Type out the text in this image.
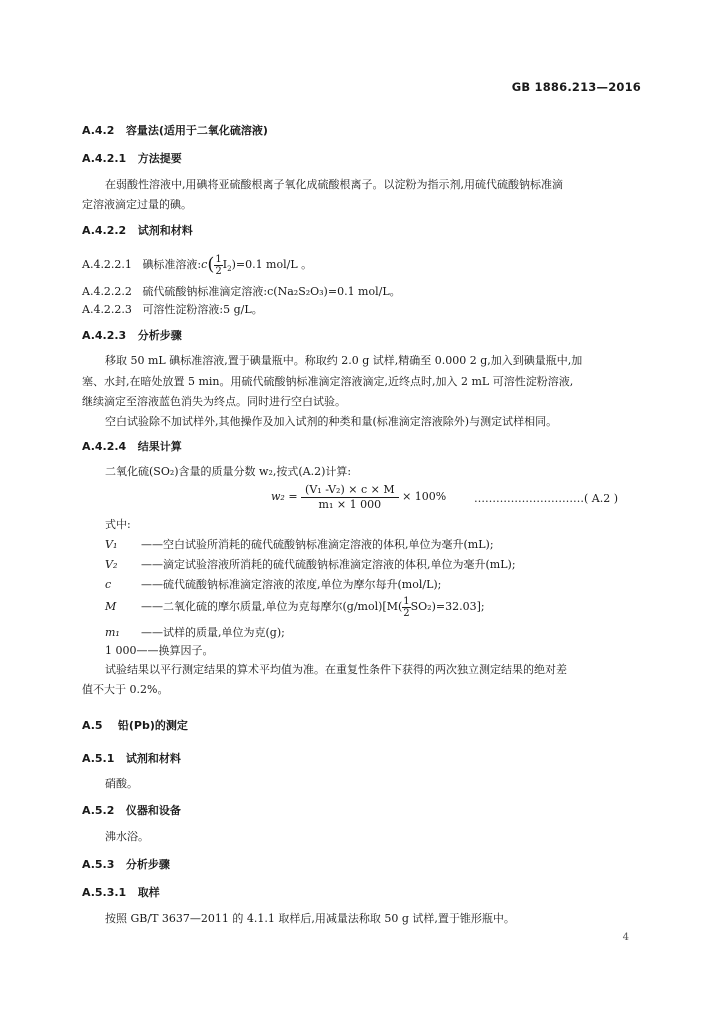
GB 1886.213—2016
A.4.2 容量法(适用于二氧化硫溶液)
A.4.2.1 方法提要
在弱酸性溶液中,用碘将亚硫酸根离子氧化成硫酸根离子。以淀粉为指示剂,用硫代硫酸钠标准滴
定溶液滴定过量的碘。
A.4.2.2 试剂和材料
A.4.2.2.1 碘标准溶液:c( $\frac{1}{2} I_2)=0.1$ mol/L 。
A.4.2.2.2 硫代硫酸钠标准滴定溶液:c(Na₂S₂O₃)=0.1 mol/L。
A.4.2.2.3 可溶性淀粉溶液:5 g/L。
A.4.2.3 分析步骤
移取 50 mL 碘标准溶液,置于碘量瓶中。称取约 2.0 g 试样,精确至 0.000 2 g,加入到碘量瓶中,加
塞、水封,在暗处放置 5 min。用硫代硫酸钠标准滴定溶液滴定,近终点时,加入 2 mL 可溶性淀粉溶液,
继续滴定至溶液蓝色消失为终点。同时进行空白试验。
空白试验除不加试样外,其他操作及加入试剂的种类和量(标准滴定溶液除外)与测定试样相同。
A.4.2.4 结果计算
二氧化硫(SO₂)含量的质量分数 w₂,按式(A.2)计算:
$w_2 = \frac{\text{(V₁ -V₂) × c × M}}{\text{m₁ × 1 000}} \times 100\%$	…………………………( A.2 )
式中:
V₁ ——空白试验所消耗的硫代硫酸钠标准滴定溶液的体积,单位为毫升(mL);
V₂ ——滴定试验溶液所消耗的硫代硫酸钠标准滴定溶液的体积,单位为毫升(mL);
c	——硫代硫酸钠标准滴定溶液的浓度,单位为摩尔每升(mol/L);
M ——二氧化硫的摩尔质量,单位为克每摩尔$(g/mol)[M( \frac{1}{2} SO_2)=32.03]$;
m₁ ——试样的质量,单位为克(g);
1 000——换算因子。
试验结果以平行测定结果的算术平均值为准。在重复性条件下获得的两次独立测定结果的绝对差
值不大于 0.2%。
A.5 铅(Pb)的测定
A.5.1 试剂和材料
硝酸。
A.5.2 仪器和设备
沸水浴。
A.5.3 分析步骤
A.5.3.1 取样
按照 GB/T 3637—2011 的 4.1.1 取样后,用减量法称取 50 g 试样,置于锥形瓶中。
4
